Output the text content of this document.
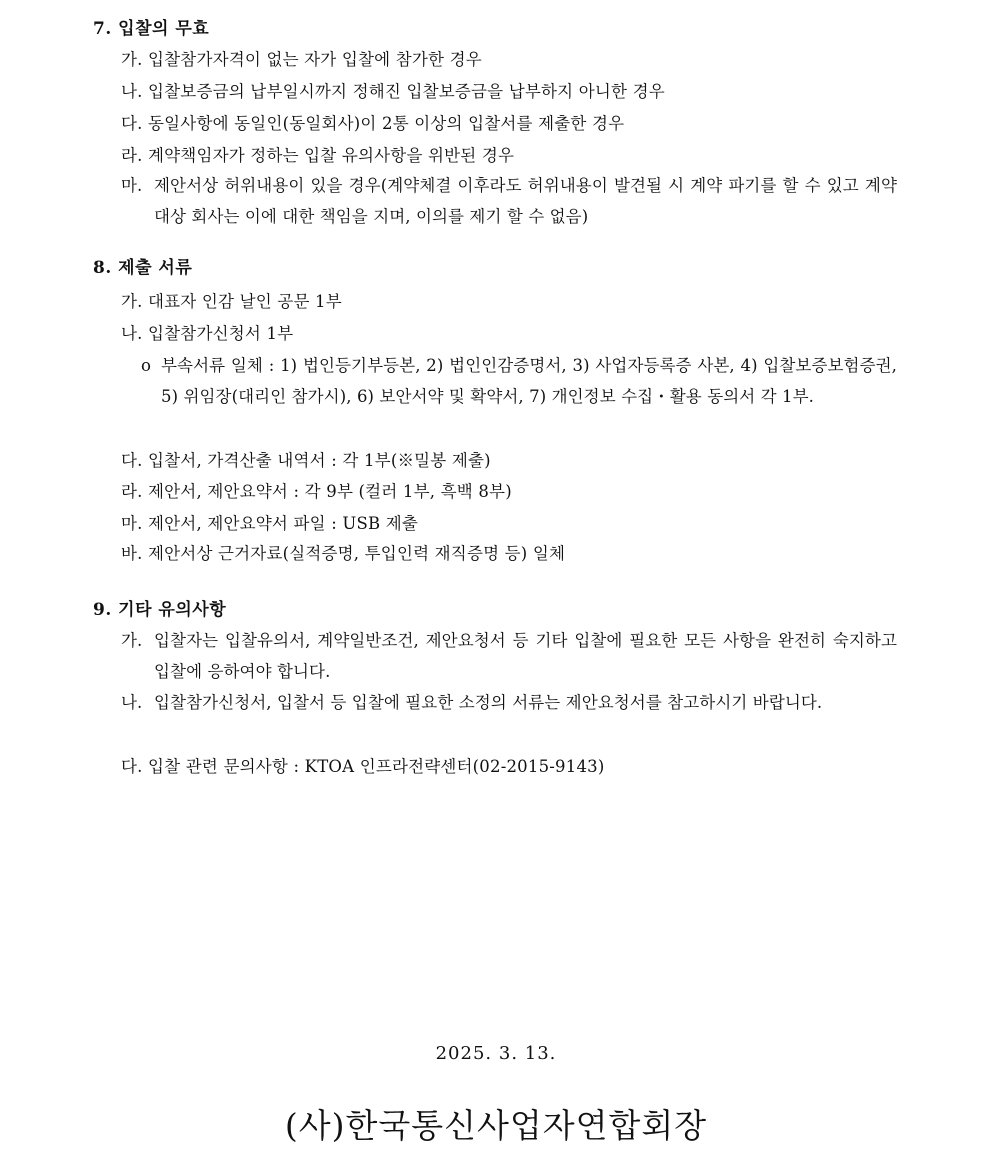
7. 입찰의 무효
가. 입찰참가자격이 없는 자가 입찰에 참가한 경우
나. 입찰보증금의 납부일시까지 정해진 입찰보증금을 납부하지 아니한 경우
다. 동일사항에 동일인(동일회사)이 2통 이상의 입찰서를 제출한 경우
라. 계약책임자가 정하는 입찰 유의사항을 위반된 경우
마. 제안서상 허위내용이 있을 경우(계약체결 이후라도 허위내용이 발견될 시 계약 파기를 할 수 있고 계약 대상 회사는 이에 대한 책임을 지며, 이의를 제기 할 수 없음)
8. 제출 서류
가. 대표자 인감 날인 공문 1부
나. 입찰참가신청서 1부
o 부속서류 일체 : 1) 법인등기부등본, 2) 법인인감증명서, 3) 사업자등록증 사본, 4) 입찰보증보험증권, 5) 위임장(대리인 참가시), 6) 보안서약 및 확약서, 7) 개인정보 수집・활용 동의서 각 1부.
다. 입찰서, 가격산출 내역서 : 각 1부(※밀봉 제출)
라. 제안서, 제안요약서 : 각 9부 (컬러 1부, 흑백 8부)
마. 제안서, 제안요약서 파일 : USB 제출
바. 제안서상 근거자료(실적증명, 투입인력 재직증명 등) 일체
9. 기타 유의사항
가. 입찰자는 입찰유의서, 계약일반조건, 제안요청서 등 기타 입찰에 필요한 모든 사항을 완전히 숙지하고 입찰에 응하여야 합니다.
나. 입찰참가신청서, 입찰서 등 입찰에 필요한 소정의 서류는 제안요청서를 참고하시기 바랍니다.
다. 입찰 관련 문의사항 : KTOA 인프라전략센터(02-2015-9143)
2025. 3. 13.
(사)한국통신사업자연합회장
